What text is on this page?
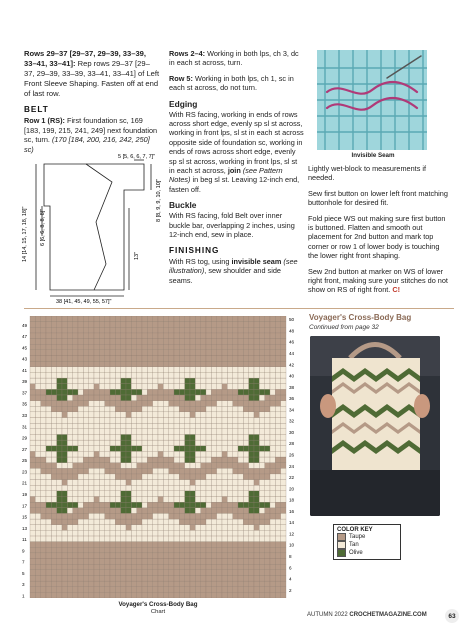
Rows 29–37 [29–37, 29–39, 33–39, 33–41, 33–41]: Rep rows 29–37 [29–37, 29–39, 33–39, 33–41, 33–41] of Left Front Sleeve Shaping. Fasten off at end of last row.

BELT

Row 1 (RS): First foundation sc, 169 [183, 199, 215, 241, 249] next foundation sc, turn. (170 [184, 200, 216, 242, 250] sc)

5 [5, 6, 6, 7, 7]"
14 [14, 15, 17, 18, 18]" 6 [6, 6, 8, 8, 8]"
8 [8, 9, 9, 10, 10]"
13"
38 [41, 45, 49, 55, 57]"

Rows 2–4: Working in both lps, ch 3, dc in each st across, turn.

Row 5: Working in both lps, ch 1, sc in each st across, do not turn.

Edging

With RS facing, working in ends of rows across short edge, evenly sp sl st across, working in front lps, sl st in each st across opposite side of foundation sc, working in ends of rows across short edge, evenly sp sl st across, working in front lps, sl st in each st across, join (see Pattern Notes) in beg sl st. Leaving 12-inch end, fasten off.

Buckle

With RS facing, fold Belt over inner buckle bar, overlapping 2 inches, using 12-inch end, sew in place.

FINISHING

With RS tog, using invisible seam (see illustration), sew shoulder and side seams.

Invisible Seam

Lightly wet-block to measurements if needed.

Sew first button on lower left front matching buttonhole for desired fit.

Fold piece WS out making sure first button is buttoned. Flatten and smooth out placement for 2nd button and mark top corner or row 1 of lower body is touching the lower right front shaping.

Sew 2nd button at marker on WS of lower right front, making sure your stitches do not show on RS of right front. C!

49
47
45
43
41
39
37
35
33
31
29
27
25
23
21
19
17
15
13
11
9
7
5
3
1
50
48
46
44
42
40
38
36
34
32
30
28
26
24
22
20
18
16
14
12
10
8
6
4
2
Voyager's Cross-Body Bag
Chart
Voyager's Cross-Body Bag
Continued from page 32
COLOR KEY
Taupe
Tan
Olive
AUTUMN 2022 CROCHETMAGAZINE.COM	63
